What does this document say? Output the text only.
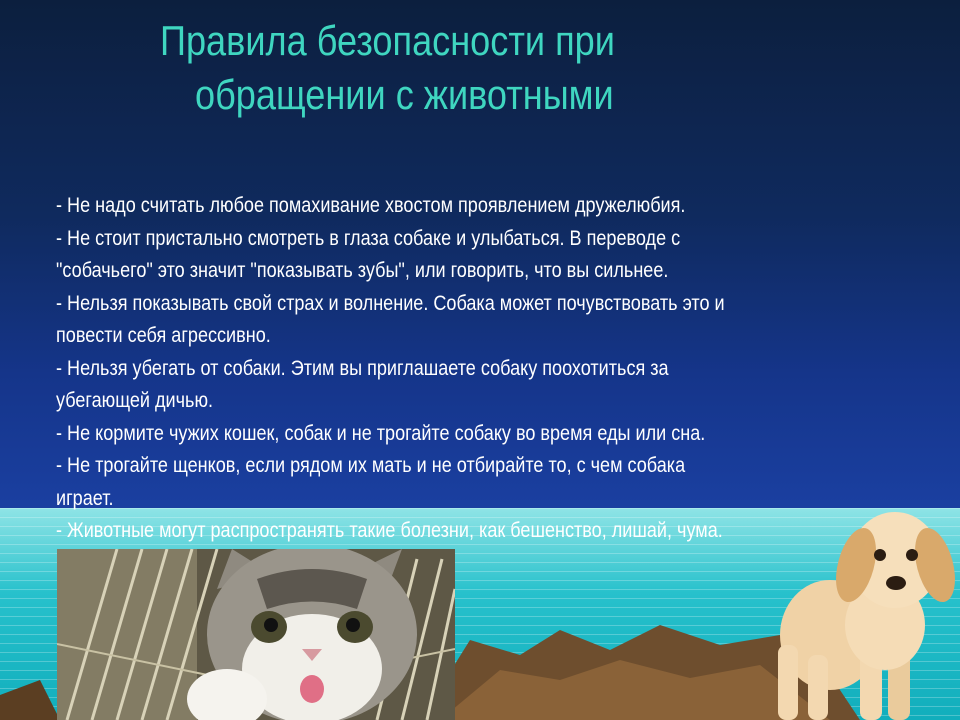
Правила безопасности при
обращении с животными
- Не надо считать любое помахивание хвостом проявлением дружелюбия.
- Не стоит пристально смотреть в глаза собаке и улыбаться. В переводе с
"собачьего" это значит "показывать зубы", или говорить, что вы сильнее.
- Нельзя показывать свой страх и волнение. Собака может почувствовать это и
повести себя агрессивно.
- Нельзя убегать от собаки. Этим вы приглашаете собаку поохотиться за
убегающей дичью.
- Не кормите чужих кошек, собак и не трогайте собаку во время еды или сна.
- Не трогайте щенков, если рядом их мать и не отбирайте то, с чем собака
играет.
- Животные могут распространять такие болезни, как бешенство, лишай, чума.
